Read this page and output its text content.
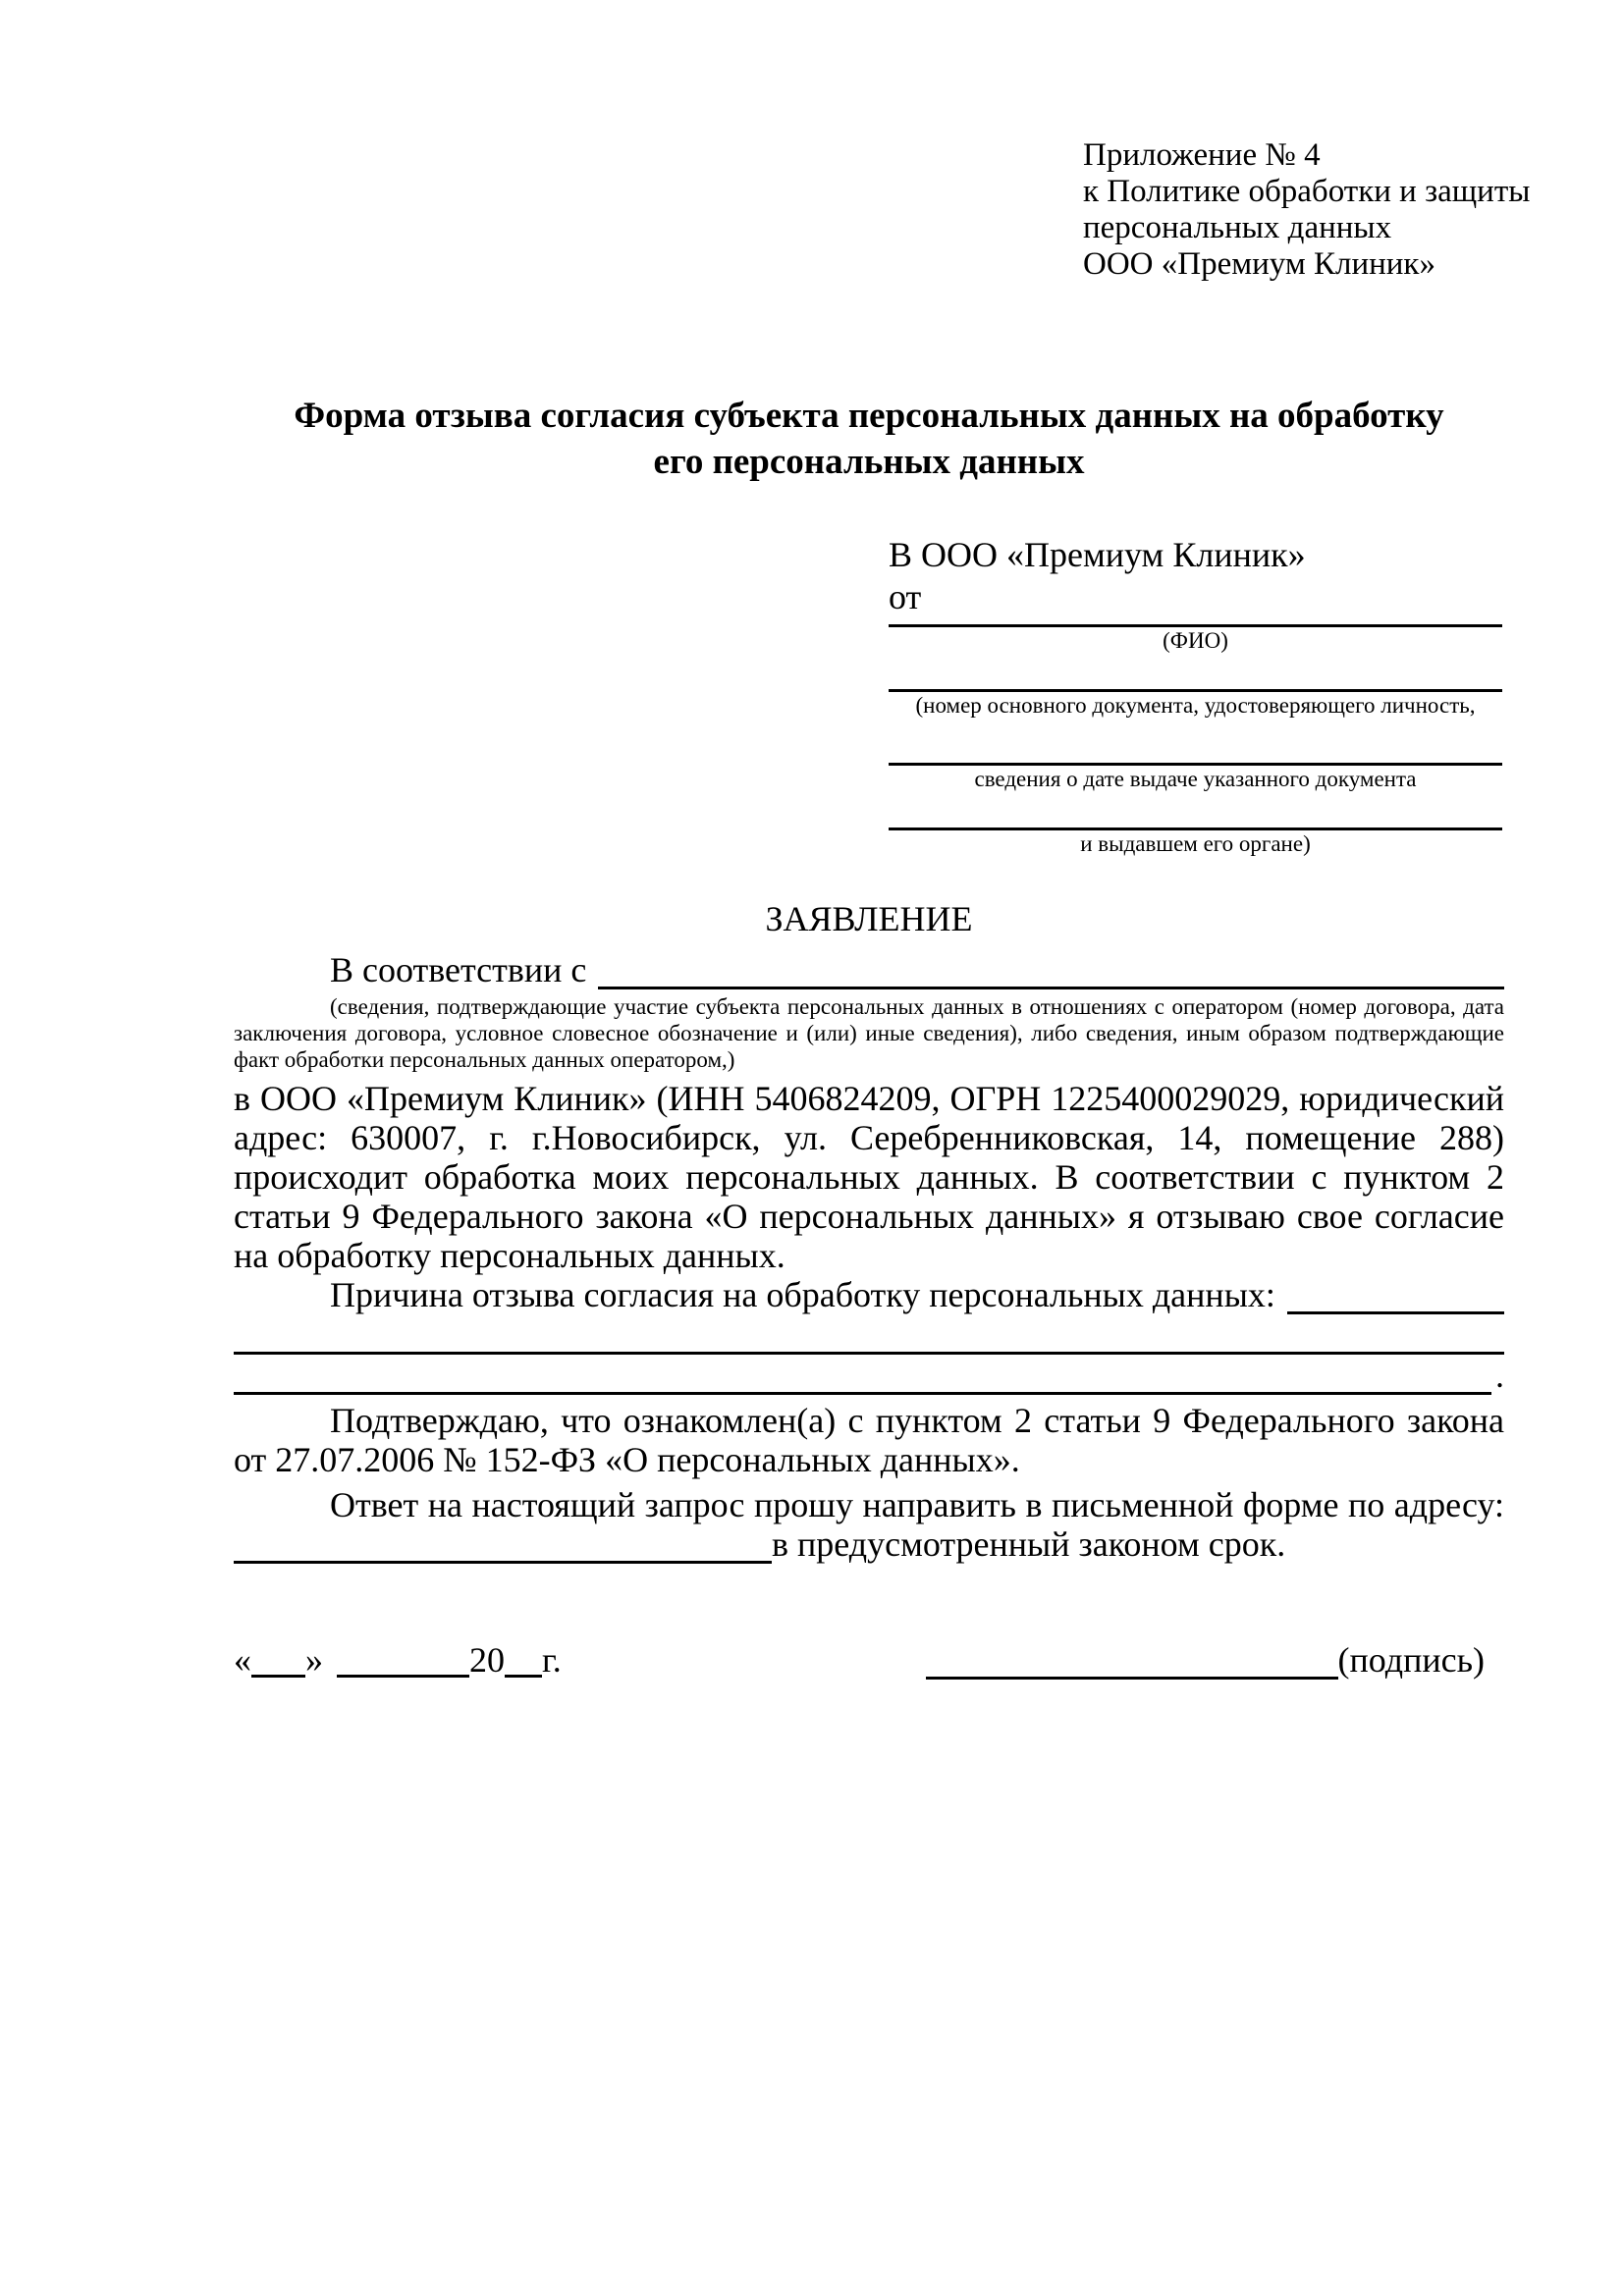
Приложение № 4
к Политике обработки и защиты
персональных данных
ООО «Премиум Клиник»
Форма отзыва согласия субъекта персональных данных на обработку
его персональных данных
В ООО «Премиум Клиник»
от
(ФИО)
(номер основного документа, удостоверяющего личность,
сведения о дате выдаче указанного документа
и выдавшем его органе)
ЗАЯВЛЕНИЕ
В соответствии с

(сведения, подтверждающие участие субъекта персональных данных в отношениях с оператором (номер договора, дата заключения договора, условное словесное обозначение и (или) иные сведения), либо сведения, иным образом подтверждающие факт обработки персональных данных оператором,)

в ООО «Премиум Клиник» (ИНН 5406824209, ОГРН 1225400029029, юридический адрес: 630007, г. г.Новосибирск, ул. Серебренниковская, 14, помещение 288) происходит обработка моих персональных данных. В соответствии с пунктом 2 статьи 9 Федерального закона «О персональных данных» я отзываю свое согласие на обработку персональных данных.

Причина отзыва согласия на обработку персональных данных:
.

Подтверждаю, что ознакомлен(а) с пунктом 2 статьи 9 Федерального закона от 27.07.2006 № 152-ФЗ «О персональных данных».

Ответ на настоящий запрос прошу направить в письменной форме по адресу:

в предусмотренный законом срок.
« »	20 г.	(подпись)
